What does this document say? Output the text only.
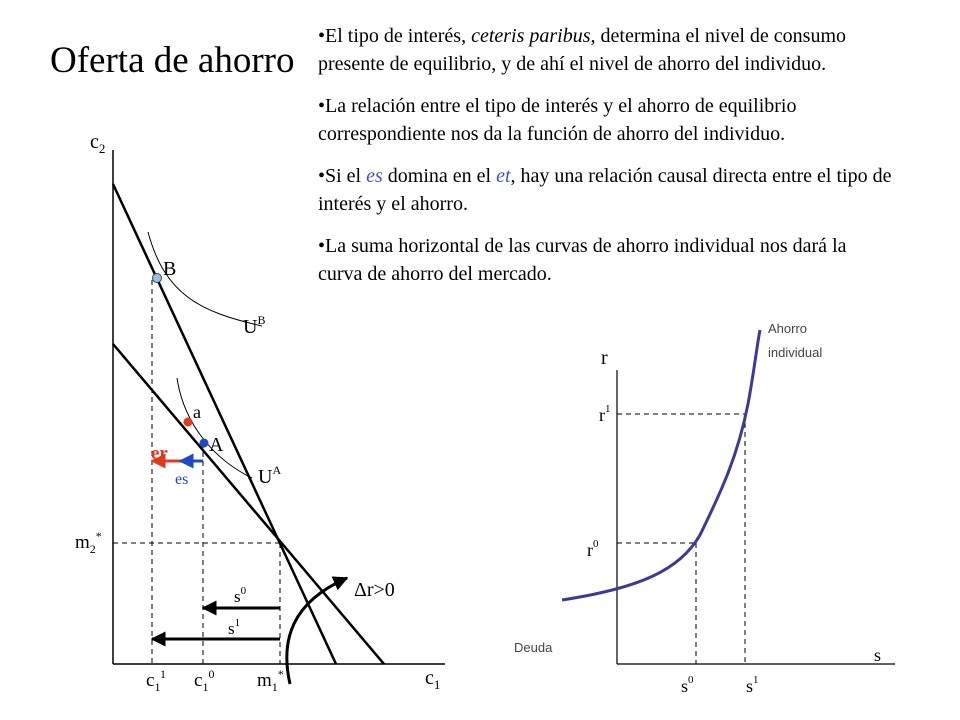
Oferta de ahorro

•El tipo de interés, ceteris paribus, determina el nivel de consumo presente de equilibrio, y de ahí el nivel de ahorro del individuo.

•La relación entre el tipo de interés y el ahorro de equilibrio correspondiente nos da la función de ahorro del individuo.

•Si el es domina en el et, hay una relación causal directa entre el tipo de interés y el ahorro.

•La suma horizontal de las curvas de ahorro individual nos dará la curva de ahorro del mercado.

$c_2$
$c_1$
B
a
A
$U^B$
$U^A$
er
es
Δr>0
$m_2^*$
$c_1^1$ $c_1^0$ $m_1^*$
$s^0$
$s^1$
r
s
Ahorro
individual
Deuda
$r^1$
$r^0$
$s^0$	$s^1$
